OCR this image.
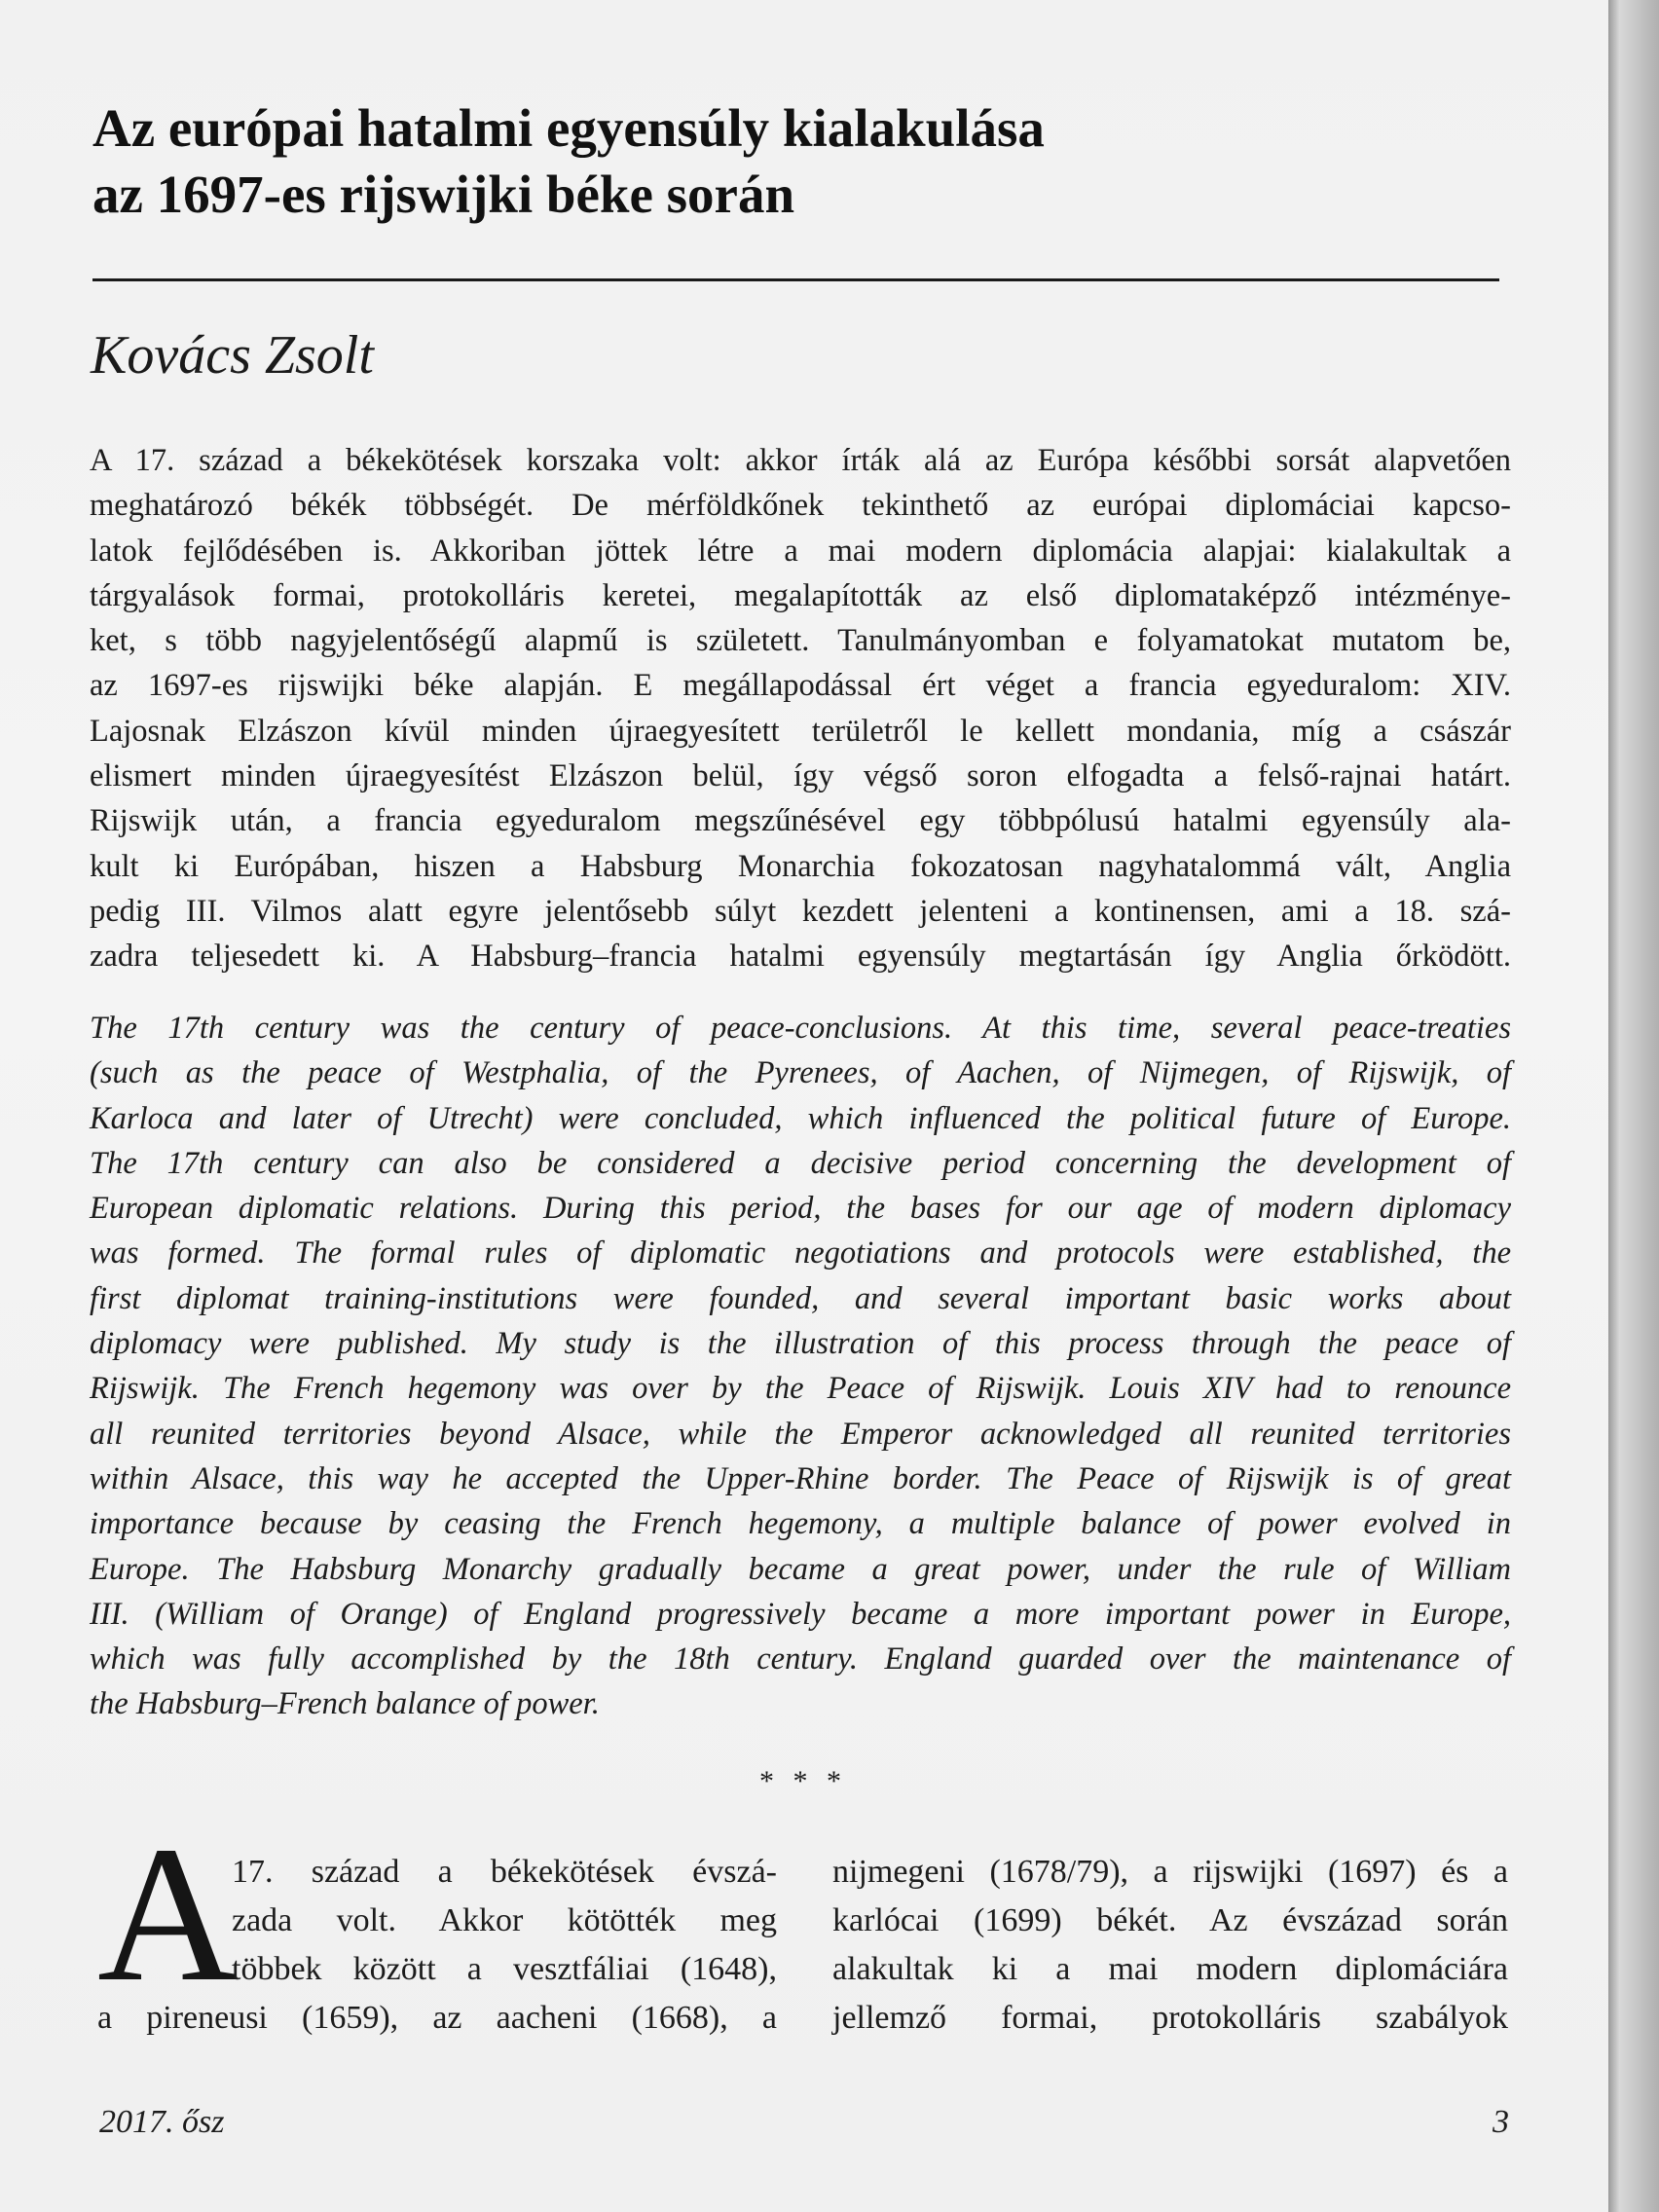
Az európai hatalmi egyensúly kialakulása
az 1697-es rijswijki béke során
Kovács Zsolt
A 17. század a békekötések korszaka volt: akkor írták alá az Európa későbbi sorsát alapvetően
meghatározó békék többségét. De mérföldkőnek tekinthető az európai diplomáciai kapcso-
latok fejlődésében is. Akkoriban jöttek létre a mai modern diplomácia alapjai: kialakultak a
tárgyalások formai, protokolláris keretei, megalapították az első diplomataképző intézménye-
ket, s több nagyjelentőségű alapmű is született. Tanulmányomban e folyamatokat mutatom be,
az 1697-es rijswijki béke alapján. E megállapodással ért véget a francia egyeduralom: XIV.
Lajosnak Elzászon kívül minden újraegyesített területről le kellett mondania, míg a császár
elismert minden újraegyesítést Elzászon belül, így végső soron elfogadta a felső-rajnai határt.
Rijswijk után, a francia egyeduralom megszűnésével egy többpólusú hatalmi egyensúly ala-
kult ki Európában, hiszen a Habsburg Monarchia fokozatosan nagyhatalommá vált, Anglia
pedig III. Vilmos alatt egyre jelentősebb súlyt kezdett jelenteni a kontinensen, ami a 18. szá-
zadra teljesedett ki. A Habsburg–francia hatalmi egyensúly megtartásán így Anglia őrködött.
The 17th century was the century of peace-conclusions. At this time, several peace-treaties
(such as the peace of Westphalia, of the Pyrenees, of Aachen, of Nijmegen, of Rijswijk, of
Karloca and later of Utrecht) were concluded, which influenced the political future of Europe.
The 17th century can also be considered a decisive period concerning the development of
European diplomatic relations. During this period, the bases for our age of modern diplomacy
was formed. The formal rules of diplomatic negotiations and protocols were established, the
first diplomat training-institutions were founded, and several important basic works about
diplomacy were published. My study is the illustration of this process through the peace of
Rijswijk. The French hegemony was over by the Peace of Rijswijk. Louis XIV had to renounce
all reunited territories beyond Alsace, while the Emperor acknowledged all reunited territories
within Alsace, this way he accepted the Upper-Rhine border. The Peace of Rijswijk is of great
importance because by ceasing the French hegemony, a multiple balance of power evolved in
Europe. The Habsburg Monarchy gradually became a great power, under the rule of William
III. (William of Orange) of England progressively became a more important power in Europe,
which was fully accomplished by the 18th century. England guarded over the maintenance of
the Habsburg–French balance of power.
* * *
A
17. század a békekötések évszá-
zada volt. Akkor kötötték meg
többek között a vesztfáliai (1648),
a pireneusi (1659), az aacheni (1668), a
nijmegeni (1678/79), a rijswijki (1697) és a
karlócai (1699) békét. Az évszázad során
alakultak ki a mai modern diplomáciára
jellemző formai, protokolláris szabályok
2017. ősz	3
